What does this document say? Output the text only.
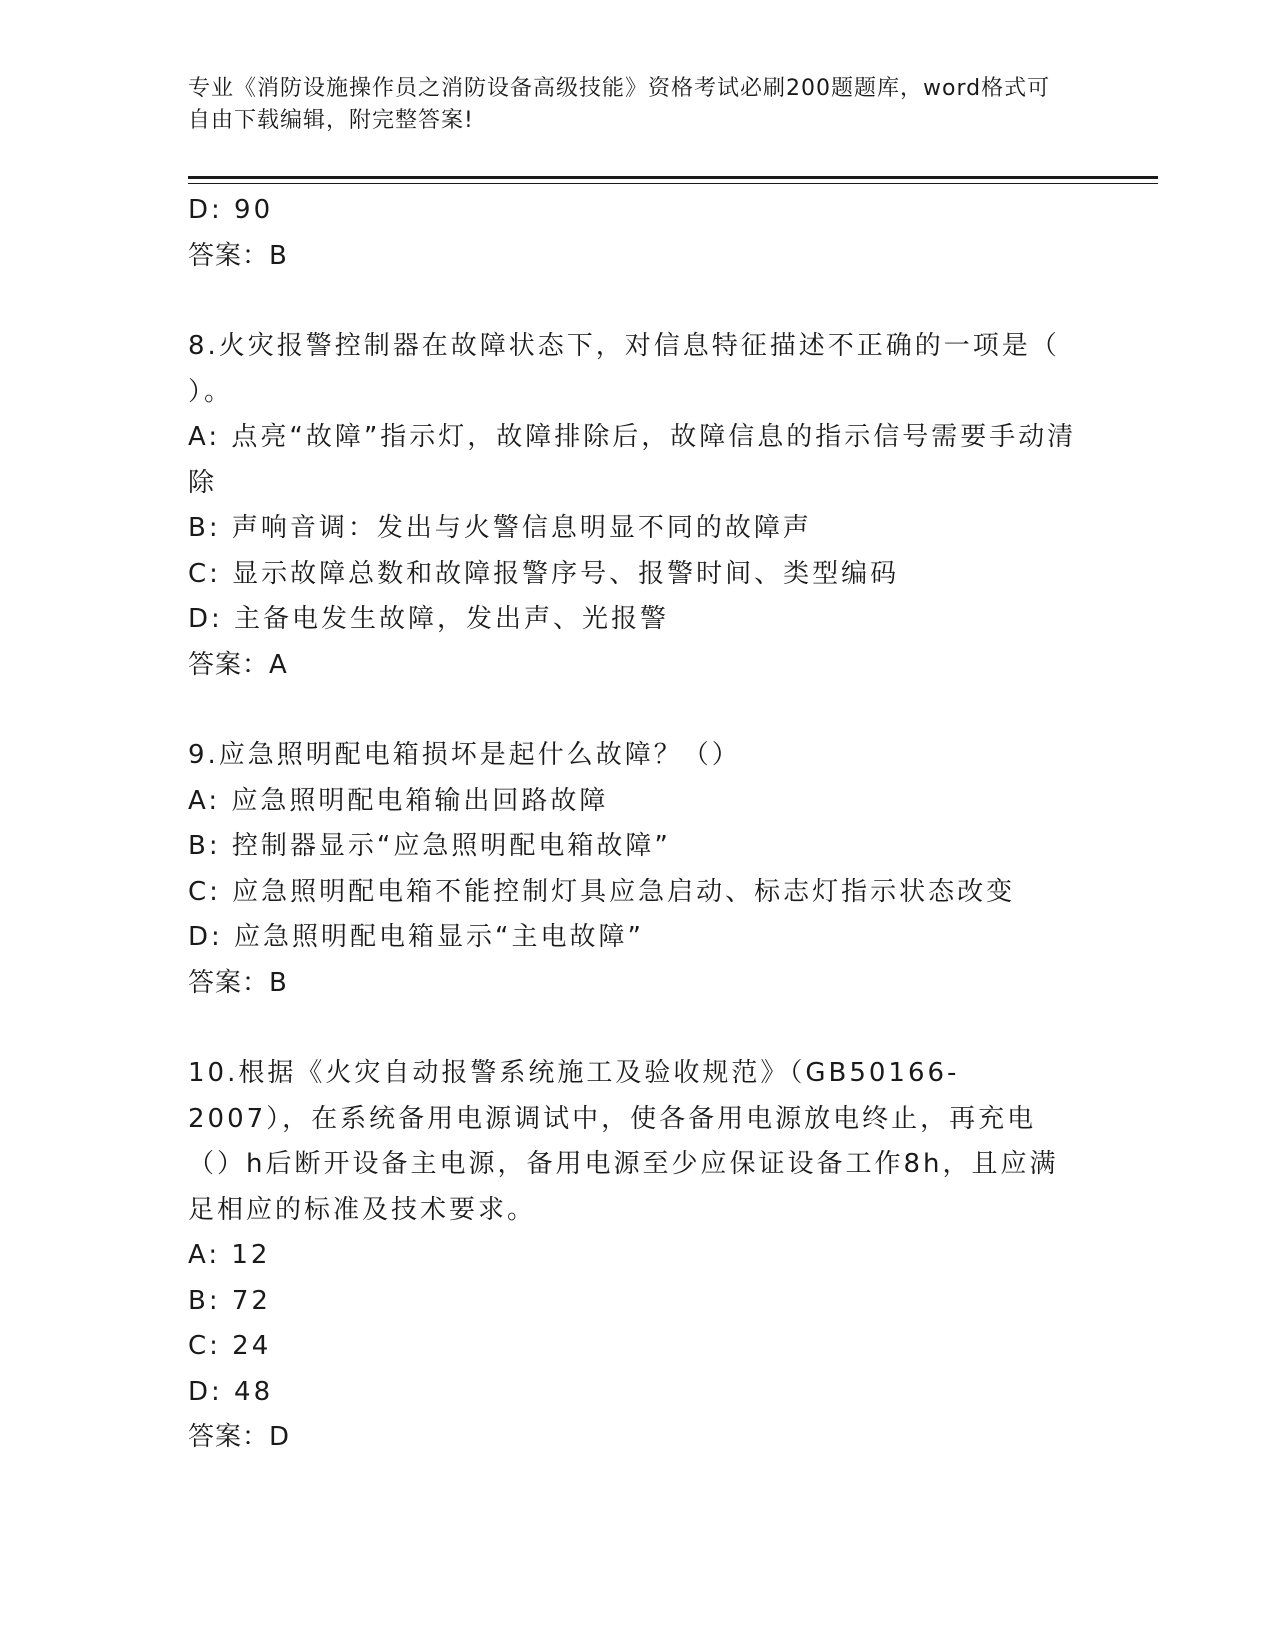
专业《消防设施操作员之消防设备高级技能》资格考试必刷200题题库，word格式可自由下载编辑，附完整答案!
D: 90
答案：B
8.火灾报警控制器在故障状态下，对信息特征描述不正确的一项是（ ）。
A: 点亮“故障”指示灯，故障排除后，故障信息的指示信号需要手动清除
B: 声响音调：发出与火警信息明显不同的故障声
C: 显示故障总数和故障报警序号、报警时间、类型编码
D: 主备电发生故障，发出声、光报警
答案：A
9.应急照明配电箱损坏是起什么故障？（）
A: 应急照明配电箱输出回路故障
B: 控制器显示“应急照明配电箱故障”
C: 应急照明配电箱不能控制灯具应急启动、标志灯指示状态改变
D: 应急照明配电箱显示“主电故障”
答案：B
10.根据《火灾自动报警系统施工及验收规范》（GB50166-2007），在系统备用电源调试中，使各备用电源放电终止，再充电（）h后断开设备主电源，备用电源至少应保证设备工作8h，且应满足相应的标准及技术要求。
A: 12
B: 72
C: 24
D: 48
答案：D
